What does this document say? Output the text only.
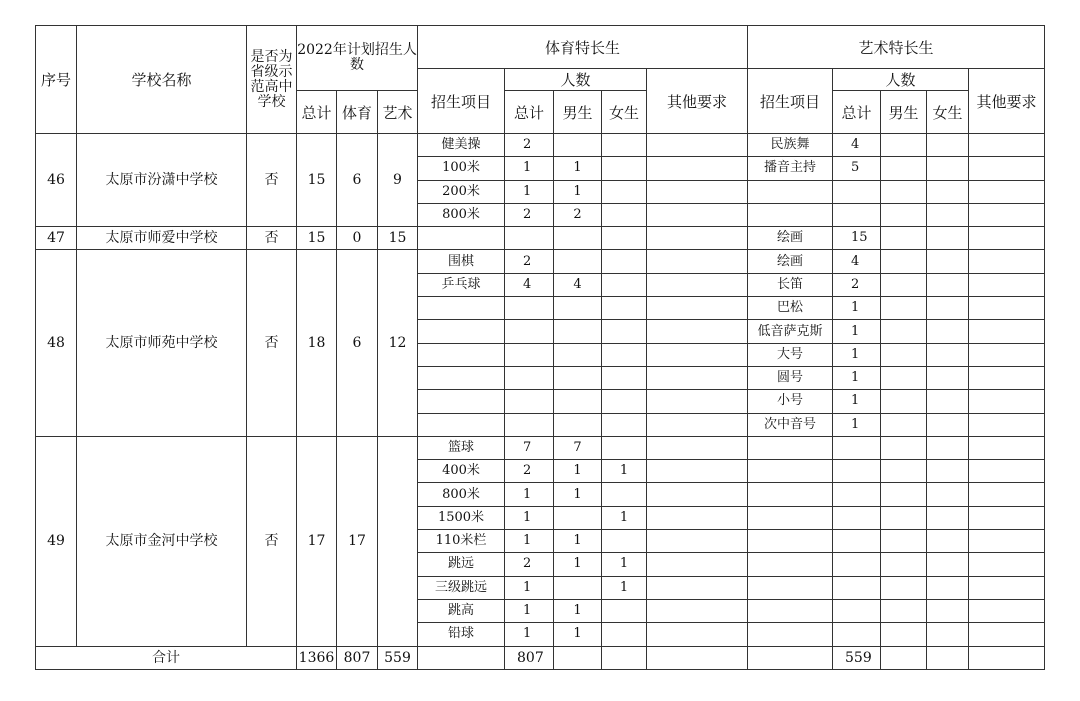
序号	学校名称	是否为省级示范高中学校	2022年计划招生人数			体育特长生					艺术特长生				
						招生项目	人数			其他要求	招生项目	人数			其他要求
			总计	体育	艺术		总计	男生	女生			总计	男生	女生	
46	太原市汾潇中学校	否	15	6	9	健美操	2				民族舞	4			
						100米	1	1			播音主持	5			
						200米	1	1							
						800米	2	2							
47	太原市师爱中学校	否	15	0	15						绘画	15			
48	太原市师苑中学校	否	18	6	12	围棋	2				绘画	4			
						乒乓球	4	4			长笛	2			
											巴松	1			
											低音萨克斯	1			
											大号	1			
											圆号	1			
											小号	1			
											次中音号	1			
49	太原市金河中学校	否	17	17		篮球	7	7							
						400米	2	1	1						
						800米	1	1							
						1500米	1		1						
						110米栏	1	1							
						跳远	2	1	1						
						三级跳远	1		1						
						跳高	1	1							
						铅球	1	1							
合计			1366	807	559		807					559			
